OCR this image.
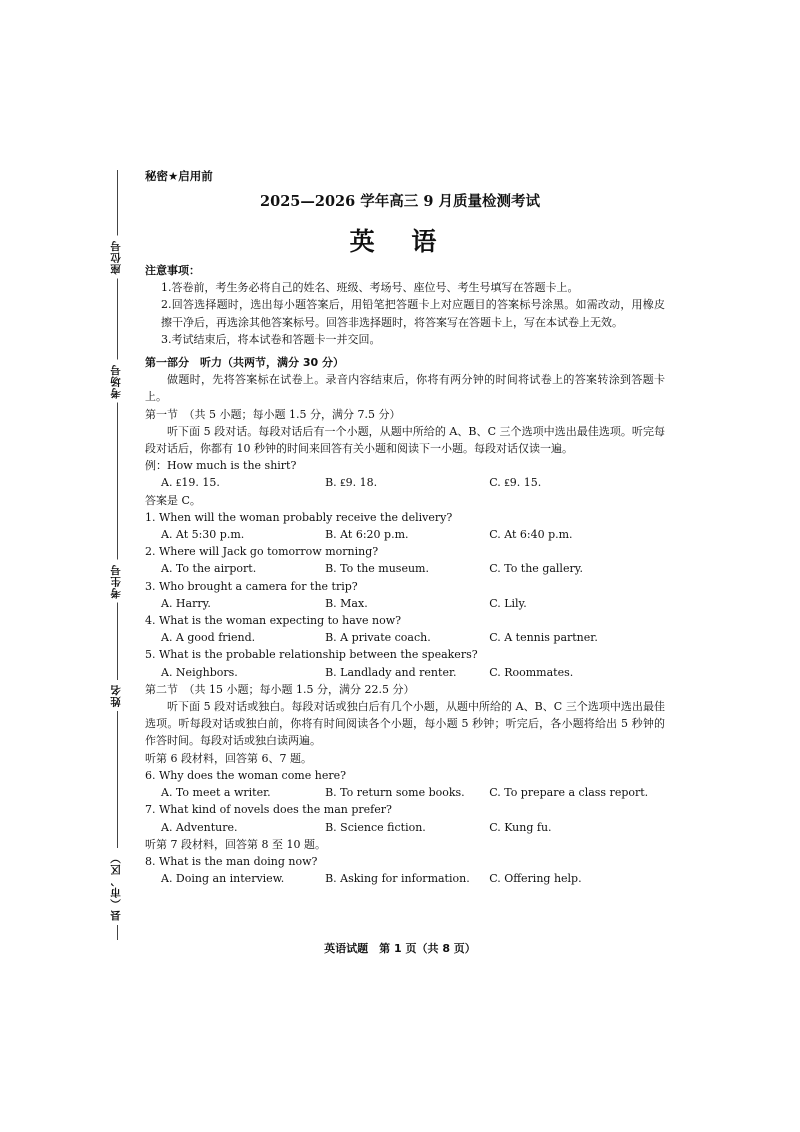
座位号
考场号
考生号
姓名
县（市、区）
秘密★启用前
2025—2026 学年高三 9 月质量检测考试
英 语
注意事项：
1.答卷前，考生务必将自己的姓名、班级、考场号、座位号、考生号填写在答题卡上。
2.回答选择题时，选出每小题答案后，用铅笔把答题卡上对应题目的答案标号涂黑。如需改动，用橡皮擦干净后，再选涂其他答案标号。回答非选择题时，将答案写在答题卡上，写在本试卷上无效。
3.考试结束后，将本试卷和答题卡一并交回。
第一部分　听力（共两节，满分 30 分）
做题时，先将答案标在试卷上。录音内容结束后，你将有两分钟的时间将试卷上的答案转涂到答题卡上。
第一节　（共 5 小题；每小题 1.5 分，满分 7.5 分）
听下面 5 段对话。每段对话后有一个小题，从题中所给的 A、B、C 三个选项中选出最佳选项。听完每段对话后，你都有 10 秒钟的时间来回答有关小题和阅读下一小题。每段对话仅读一遍。
例：How much is the shirt?
A. ₤19. 15.	B. ₤9. 18.	C. ₤9. 15.
答案是 C。
1. When will the woman probably receive the delivery?
A. At 5:30 p.m.	B. At 6:20 p.m.	C. At 6:40 p.m.
2. Where will Jack go tomorrow morning?
A. To the airport.	B. To the museum.	C. To the gallery.
3. Who brought a camera for the trip?
A. Harry.	B. Max.	C. Lily.
4. What is the woman expecting to have now?
A. A good friend.	B. A private coach.	C. A tennis partner.
5. What is the probable relationship between the speakers?
A. Neighbors.	B. Landlady and renter.	C. Roommates.
第二节　（共 15 小题；每小题 1.5 分，满分 22.5 分）
听下面 5 段对话或独白。每段对话或独白后有几个小题，从题中所给的 A、B、C 三个选项中选出最佳选项。听每段对话或独白前，你将有时间阅读各个小题，每小题 5 秒钟；听完后，各小题将给出 5 秒钟的作答时间。每段对话或独白读两遍。
听第 6 段材料，回答第 6、7 题。
6. Why does the woman come here?
A. To meet a writer.	B. To return some books.	C. To prepare a class report.
7. What kind of novels does the man prefer?
A. Adventure.	B. Science fiction.	C. Kung fu.
听第 7 段材料，回答第 8 至 10 题。
8. What is the man doing now?
A. Doing an interview.	B. Asking for information.	C. Offering help.
英语试题　第 1 页（共 8 页）
